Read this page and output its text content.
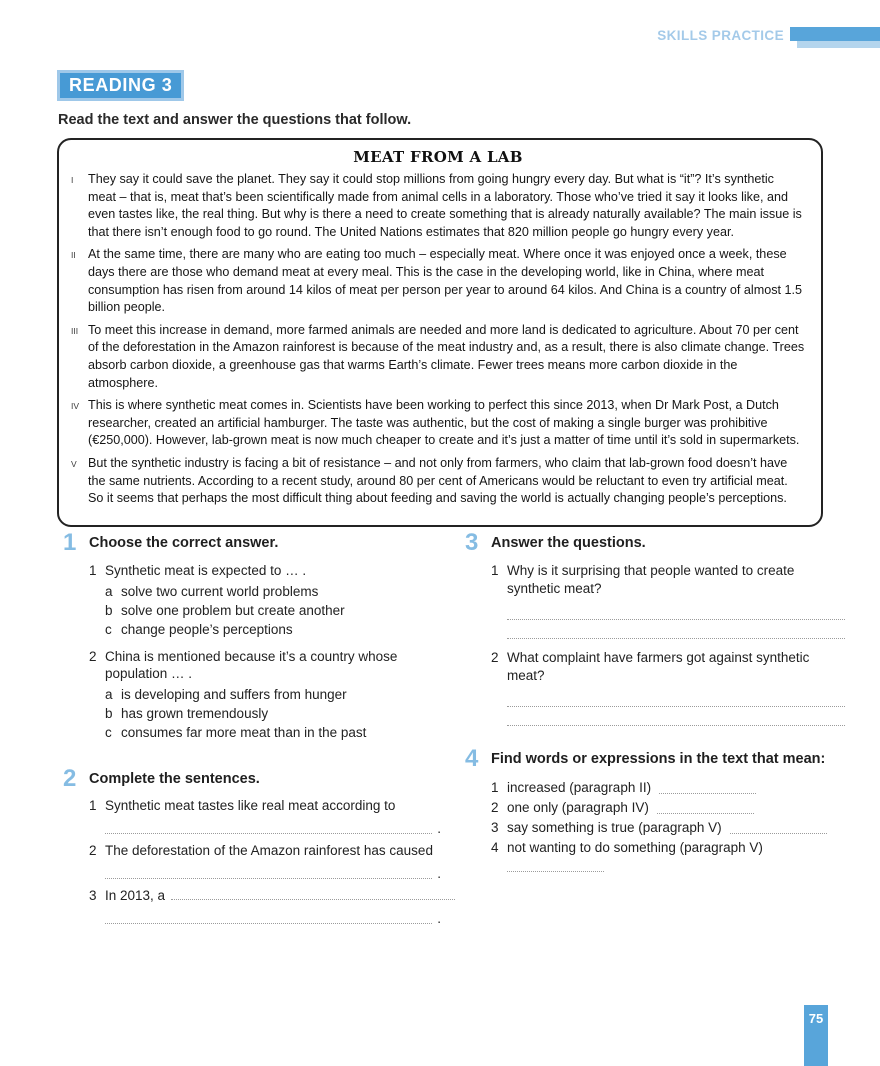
SKILLS PRACTICE
READING 3
Read the text and answer the questions that follow.
MEAT FROM A LAB
I	They say it could save the planet. They say it could stop millions from going hungry every day. But what is “it”? It’s synthetic meat – that is, meat that’s been scientifically made from animal cells in a laboratory. Those who’ve tried it say it looks like, and even tastes like, the real thing. But why is there a need to create something that is already naturally available? The main issue is that there isn’t enough food to go round. The United Nations estimates that 820 million people go hungry every year.
II At the same time, there are many who are eating too much – especially meat. Where once it was enjoyed once a week, these days there are those who demand meat at every meal. This is the case in the developing world, like in China, where meat consumption has risen from around 14 kilos of meat per person per year to around 64 kilos. And China is a country of almost 1.5 billion people.
III To meet this increase in demand, more farmed animals are needed and more land is dedicated to agriculture. About 70 per cent of the deforestation in the Amazon rainforest is because of the meat industry and, as a result, there is also climate change. Trees absorb carbon dioxide, a greenhouse gas that warms Earth’s climate. Fewer trees means more carbon dioxide in the atmosphere.
IV This is where synthetic meat comes in. Scientists have been working to perfect this since 2013, when Dr Mark Post, a Dutch researcher, created an artificial hamburger. The taste was authentic, but the cost of making a single burger was prohibitive (€250,000). However, lab-grown meat is now much cheaper to create and it’s just a matter of time until it’s sold in supermarkets.
V But the synthetic industry is facing a bit of resistance – and not only from farmers, who claim that lab-grown food doesn’t have the same nutrients. According to a recent study, around 80 per cent of Americans would be reluctant to even try artificial meat. So it seems that perhaps the most difficult thing about feeding and saving the world is actually changing people’s perceptions.
1 Choose the correct answer.
1 Synthetic meat is expected to … .
a solve two current world problems
b solve one problem but create another
c change people’s perceptions
2 China is mentioned because it’s a country whose population … .
a is developing and suffers from hunger
b has grown tremendously
c consumes far more meat than in the past
2 Complete the sentences.
1 Synthetic meat tastes like real meat according to
.
2 The deforestation of the Amazon rainforest has caused
.
3 In 2013, a
.
3 Answer the questions.
1 Why is it surprising that people wanted to create synthetic meat?
2 What complaint have farmers got against synthetic meat?
4 Find words or expressions in the text that mean:
1 increased (paragraph II)
2 one only (paragraph IV)
3 say something is true (paragraph V)
4 not wanting to do something (paragraph V)
75
